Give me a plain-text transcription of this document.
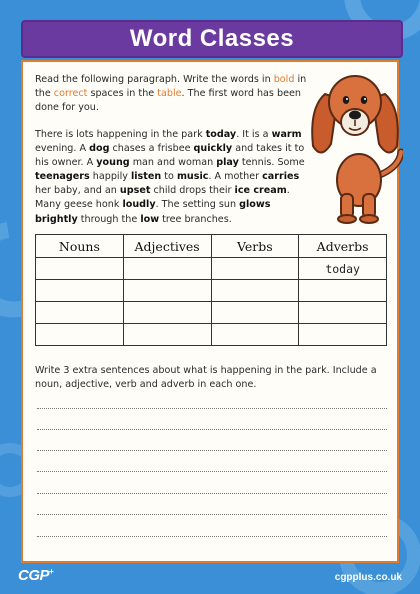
Word Classes
Read the following paragraph. Write the words in bold in the correct spaces in the table. The first word has been done for you.
There is lots happening in the park today. It is a warm evening. A dog chases a frisbee quickly and takes it to his owner. A young man and woman play tennis. Some teenagers happily listen to music. A mother carries her baby, and an upset child drops their ice cream. Many geese honk loudly. The setting sun glows brightly through the low tree branches.
Nouns	Adjectives	Verbs	Adverbs
			today

Write 3 extra sentences about what is happening in the park. Include a noun, adjective, verb and adverb in each one.
CGP+
cgpplus.co.uk
